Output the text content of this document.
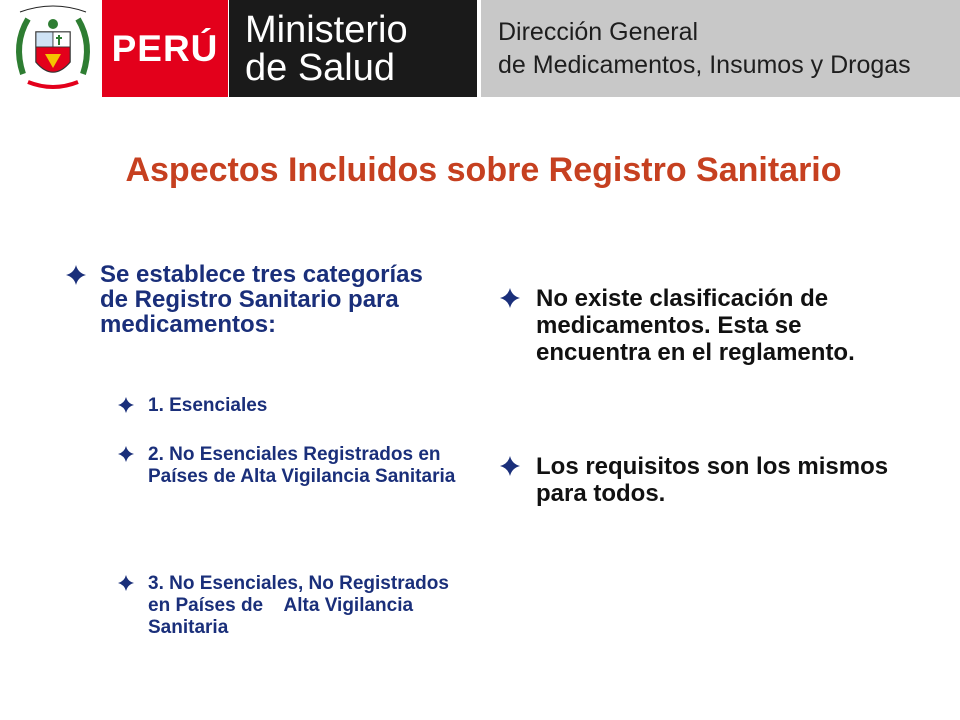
PERÚ Ministerio
de Salud
Dirección General
de Medicamentos, Insumos y Drogas
Aspectos Incluidos sobre Registro Sanitario
Se establece tres categorías de Registro Sanitario para medicamentos:
1. Esenciales
2. No Esenciales Registrados en Países de Alta Vigilancia Sanitaria
3. No Esenciales, No Registrados en Países de    Alta Vigilancia Sanitaria
No existe clasificación de medicamentos. Esta se encuentra en el reglamento.
Los requisitos son los mismos para todos.
